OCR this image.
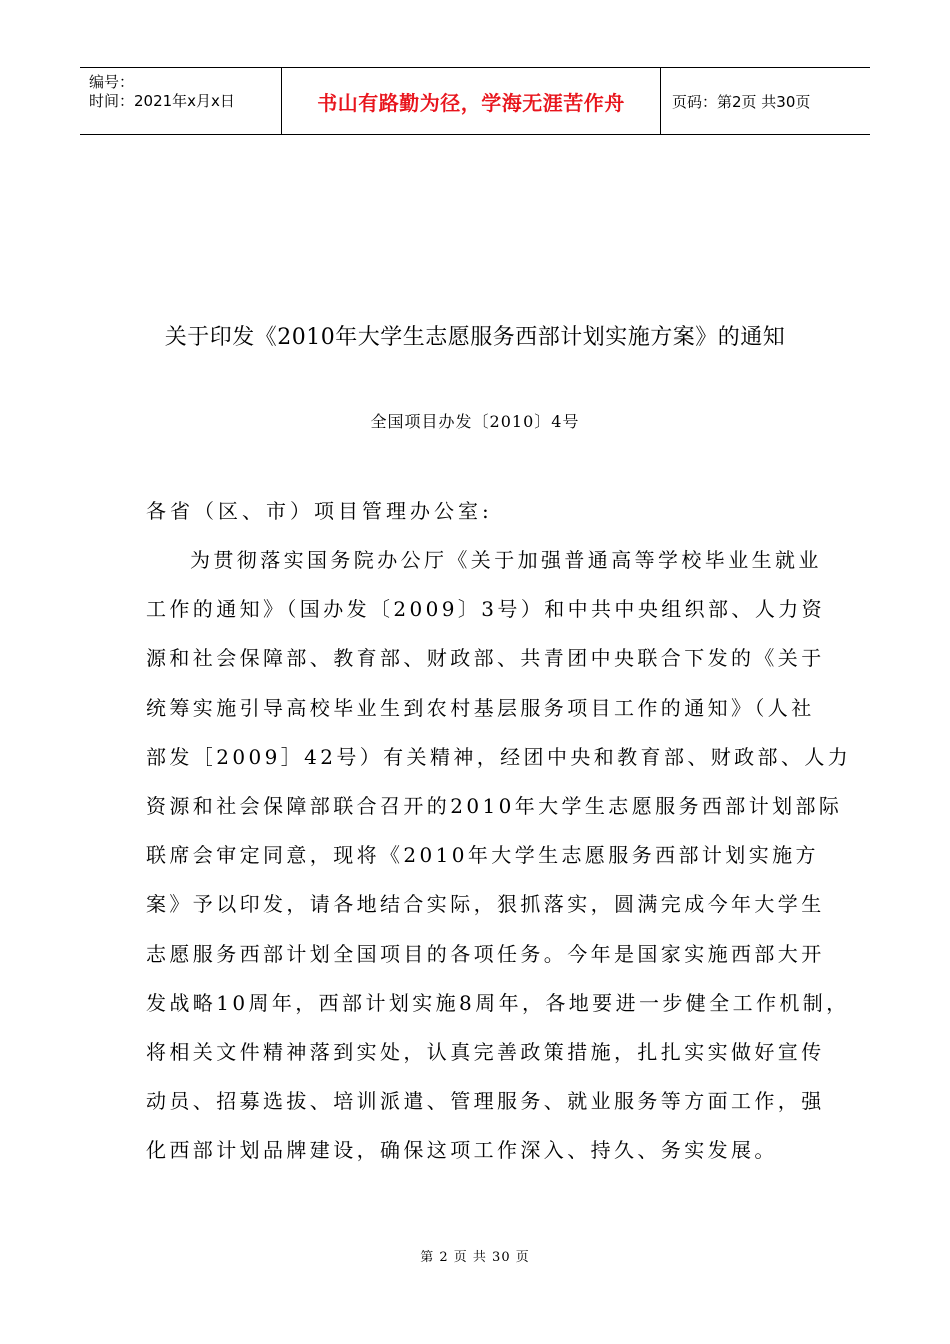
编号：
时间：2021年x月x日	书山有路勤为径，学海无涯苦作舟	页码：第2页 共30页
关于印发《2010年大学生志愿服务西部计划实施方案》的通知
全国项目办发〔2010〕4号
各省（区、市）项目管理办公室:
为贯彻落实国务院办公厅《关于加强普通高等学校毕业生就业
工作的通知》（国办发〔2009〕3号）和中共中央组织部、人力资
源和社会保障部、教育部、财政部、共青团中央联合下发的《关于
统筹实施引导高校毕业生到农村基层服务项目工作的通知》（人社
部发［2009］42号）有关精神，经团中央和教育部、财政部、人力
资源和社会保障部联合召开的2010年大学生志愿服务西部计划部际
联席会审定同意，现将《2010年大学生志愿服务西部计划实施方
案》予以印发，请各地结合实际，狠抓落实，圆满完成今年大学生
志愿服务西部计划全国项目的各项任务。今年是国家实施西部大开
发战略10周年，西部计划实施8周年，各地要进一步健全工作机制，
将相关文件精神落到实处，认真完善政策措施，扎扎实实做好宣传
动员、招募选拔、培训派遣、管理服务、就业服务等方面工作，强
化西部计划品牌建设，确保这项工作深入、持久、务实发展。
第 2 页 共 30 页
